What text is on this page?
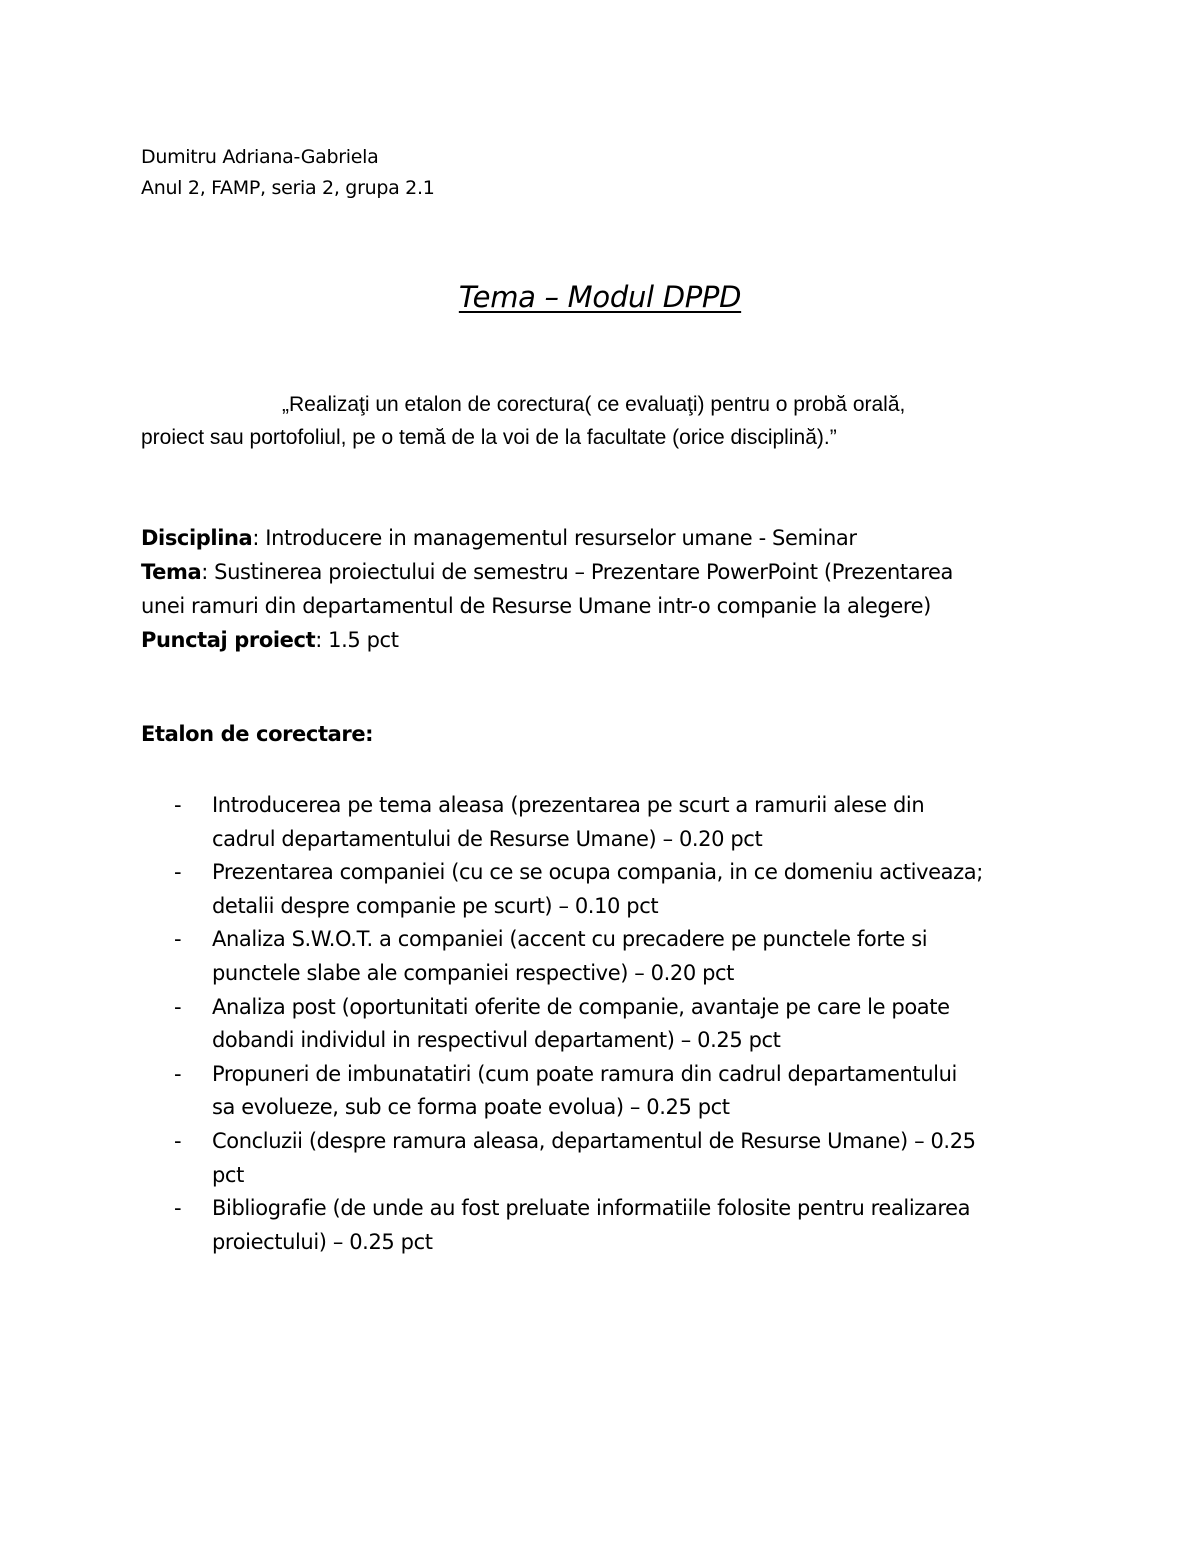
Dumitru Adriana-Gabriela
Anul 2, FAMP, seria 2, grupa 2.1
Tema – Modul DPPD
„Realizaţi un etalon de corectura( ce evaluaţi) pentru o probă orală,
proiect sau portofoliul, pe o temă de la voi de la facultate (orice disciplină).”
Disciplina: Introducere in managementul resurselor umane - Seminar
Tema: Sustinerea proiectului de semestru – Prezentare PowerPoint (Prezentarea
unei ramuri din departamentul de Resurse Umane intr-o companie la alegere)
Punctaj proiect: 1.5 pct
Etalon de corectare:
- Introducerea pe tema aleasa (prezentarea pe scurt a ramurii alese din
cadrul departamentului de Resurse Umane) – 0.20 pct
- Prezentarea companiei (cu ce se ocupa compania, in ce domeniu activeaza;
detalii despre companie pe scurt) – 0.10 pct
- Analiza S.W.O.T. a companiei (accent cu precadere pe punctele forte si
punctele slabe ale companiei respective) – 0.20 pct
- Analiza post (oportunitati oferite de companie, avantaje pe care le poate
dobandi individul in respectivul departament) – 0.25 pct
- Propuneri de imbunatatiri (cum poate ramura din cadrul departamentului
sa evolueze, sub ce forma poate evolua) – 0.25 pct
- Concluzii (despre ramura aleasa, departamentul de Resurse Umane) – 0.25
pct
- Bibliografie (de unde au fost preluate informatiile folosite pentru realizarea
proiectului) – 0.25 pct
